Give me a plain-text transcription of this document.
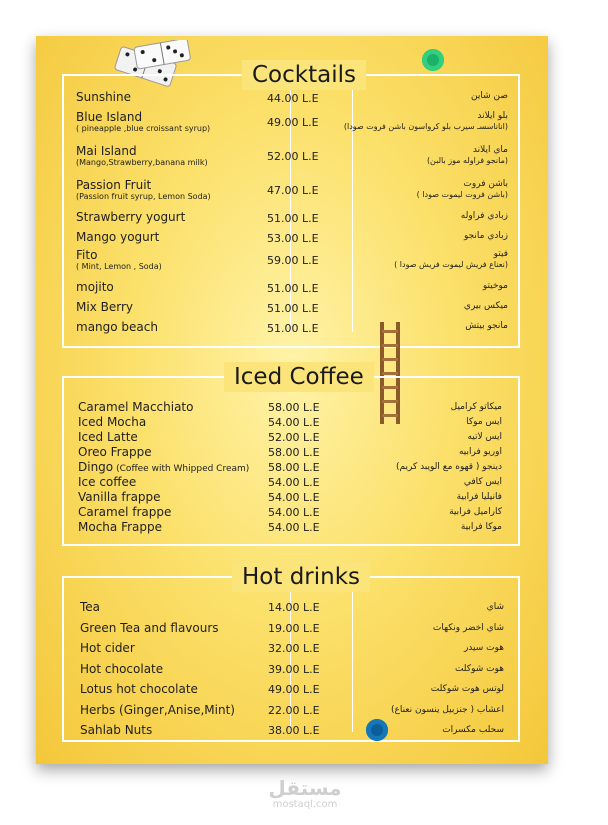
Cocktails
Sunshine	44.00 L.E	صن شاين
Blue Island
( pineapple ,blue croissant syrup)	49.00 L.E	بلو ايلاند
(اناناسسـ سيرب بلو كرواسون باشن فروت صودا)
Mai Island
(Mango,Strawberry,banana milk)	52.00 L.E	ماي ايلاند
(مانجو فراوله موز بالبن)
Passion Fruit
(Passion fruit syrup, Lemon Soda)	47.00 L.E	باشن فروت
(باشن فروت ليموت صودا )
Strawberry yogurt	51.00 L.E	زبادي فراوله
Mango yogurt	53.00 L.E	زبادي مانجو
Fito
( Mint, Lemon , Soda)	59.00 L.E	فيتو
(نعناع فريش ليموت فريش صودا )
mojito	51.00 L.E	موخيتو
Mix Berry	51.00 L.E	ميكس بيري
mango beach	51.00 L.E	مانجو بيتش
Iced Coffee
Caramel Macchiato	58.00 L.E	ميكاتو كراميل
Iced Mocha	54.00 L.E	ايس موكا
Iced Latte	52.00 L.E	ايس لاتيه
Oreo Frappe	58.00 L.E	اوريو فرابيه
Dingo (Coffee with Whipped Cream) 58.00 L.E	دينجو ( قهوه مع الويبد كريم)
Ice coffee	54.00 L.E	ايس كافي
Vanilla frappe	54.00 L.E	فانيليا فرابية
Caramel frappe	54.00 L.E	كاراميل فرابية
Mocha Frappe	54.00 L.E	موكا فرابية
Hot drinks
Tea	14.00 L.E	شاي
Green Tea and flavours	19.00 L.E	شاي اخضر ونكهات
Hot cider	32.00 L.E	هوت سيدر
Hot chocolate	39.00 L.E	هوت شوكلت
Lotus hot chocolate	49.00 L.E	لوتس هوت شوكلت
Herbs (Ginger,Anise,Mint)	22.00 L.E	اعشاب ( جنزبيل ينسون نعناع)
Sahlab Nuts	38.00 L.E	سحلب مكسرات
مستقل
mostaql.com
